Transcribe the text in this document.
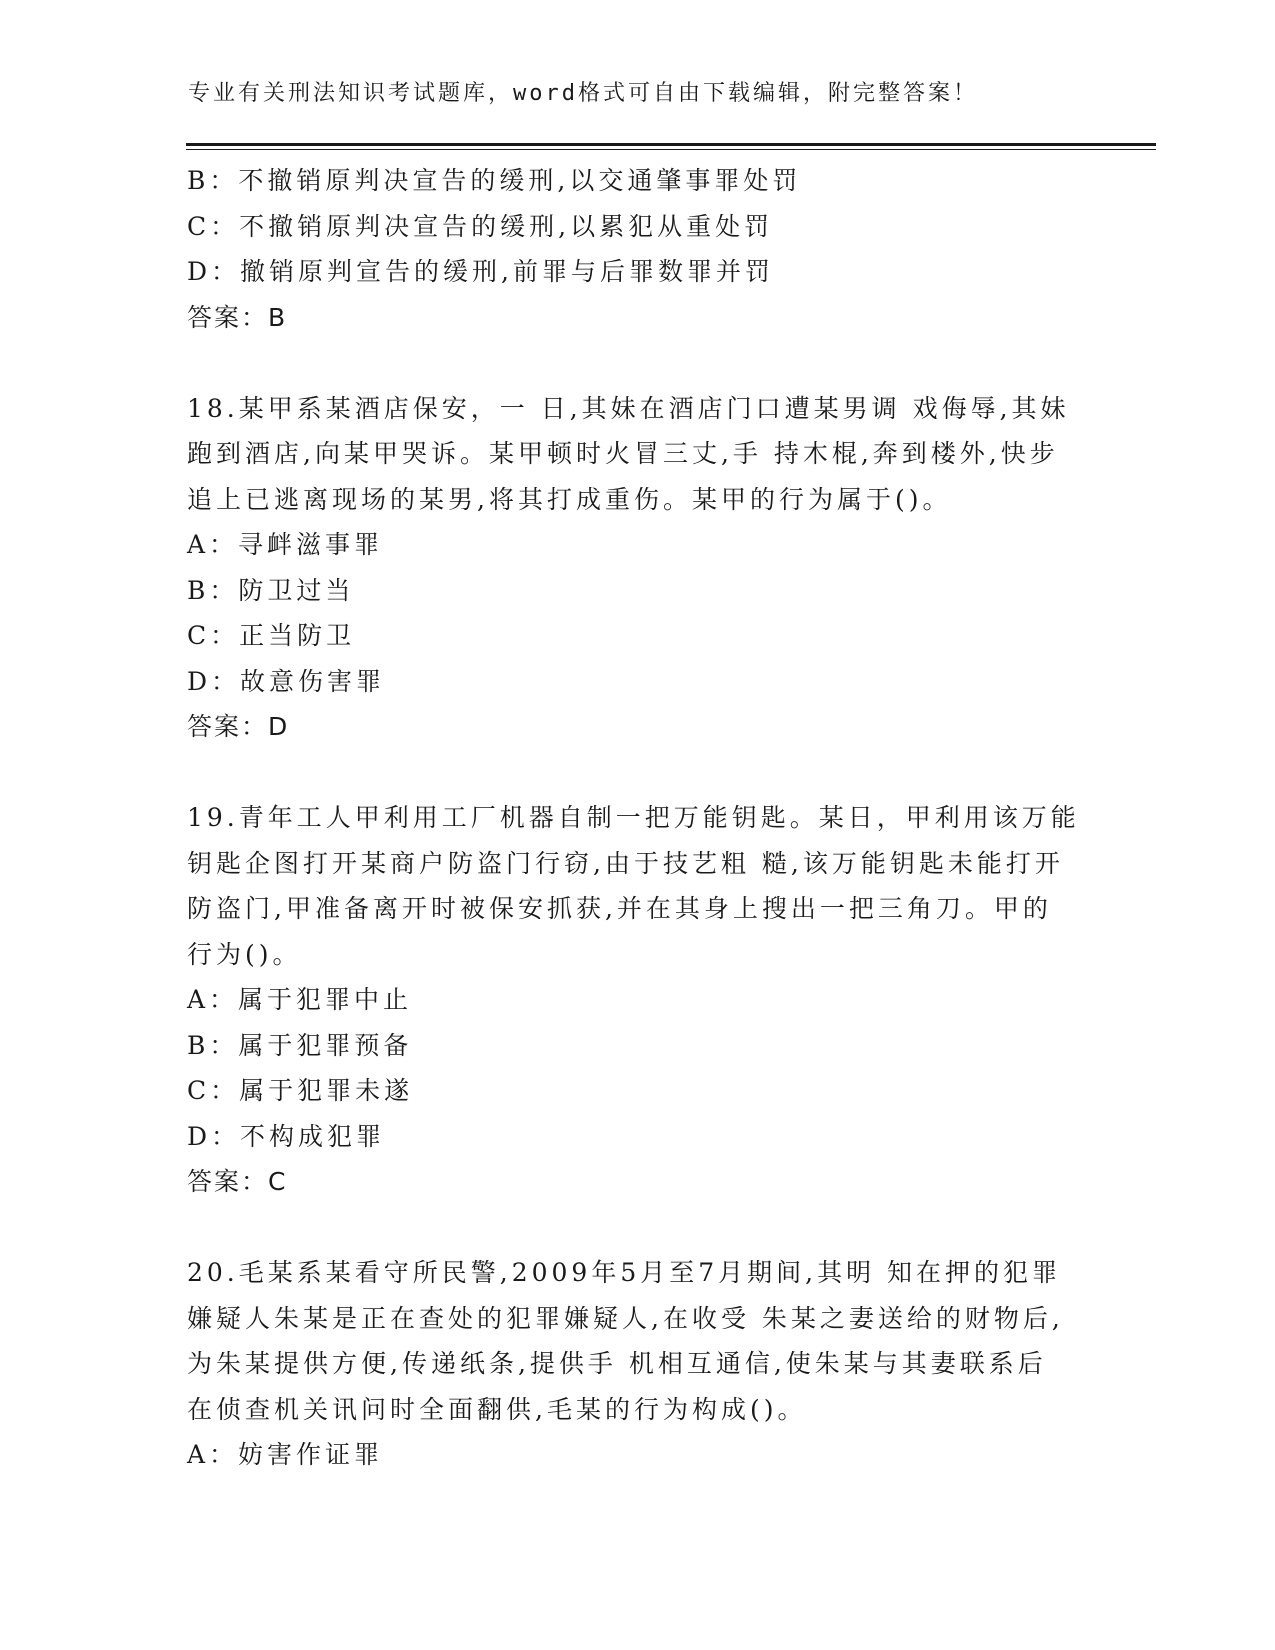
专业有关刑法知识考试题库，word格式可自由下载编辑，附完整答案！
B：不撤销原判决宣告的缓刑,以交通肇事罪处罚
C：不撤销原判决宣告的缓刑,以累犯从重处罚
D：撤销原判宣告的缓刑,前罪与后罪数罪并罚
答案：B
18.某甲系某酒店保安，一 日,其妹在酒店门口遭某男调 戏侮辱,其妹
跑到酒店,向某甲哭诉。某甲顿时火冒三丈,手 持木棍,奔到楼外,快步
追上已逃离现场的某男,将其打成重伤。某甲的行为属于()。
A：寻衅滋事罪
B：防卫过当
C：正当防卫
D：故意伤害罪
答案：D
19.青年工人甲利用工厂机器自制一把万能钥匙。某日，甲利用该万能
钥匙企图打开某商户防盗门行窃,由于技艺粗 糙,该万能钥匙未能打开
防盗门,甲准备离开时被保安抓获,并在其身上搜出一把三角刀。甲的
行为()。
A：属于犯罪中止
B：属于犯罪预备
C：属于犯罪未遂
D：不构成犯罪
答案：C
20.毛某系某看守所民警,2009年5月至7月期间,其明 知在押的犯罪
嫌疑人朱某是正在查处的犯罪嫌疑人,在收受 朱某之妻送给的财物后,
为朱某提供方便,传递纸条,提供手 机相互通信,使朱某与其妻联系后
在侦查机关讯问时全面翻供,毛某的行为构成()。
A：妨害作证罪
